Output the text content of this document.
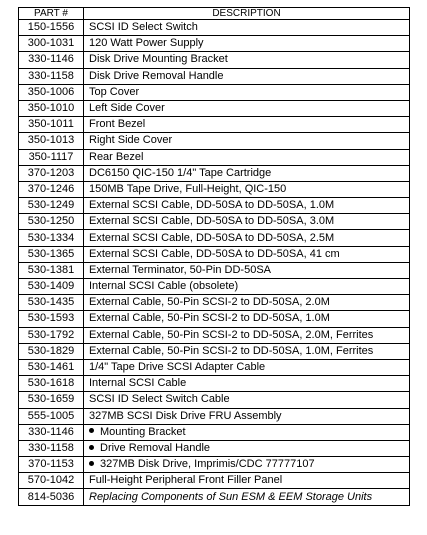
PART #	DESCRIPTION
150-1556	SCSI ID Select Switch
300-1031	120 Watt Power Supply
330-1146	Disk Drive Mounting Bracket
330-1158	Disk Drive Removal Handle
350-1006	Top Cover
350-1010	Left Side Cover
350-1011	Front Bezel
350-1013	Right Side Cover
350-1117	Rear Bezel
370-1203	DC6150 QIC-150 1/4" Tape Cartridge
370-1246	150MB Tape Drive, Full-Height, QIC-150
530-1249	External SCSI Cable, DD-50SA to DD-50SA, 1.0M
530-1250	External SCSI Cable, DD-50SA to DD-50SA, 3.0M
530-1334	External SCSI Cable, DD-50SA to DD-50SA, 2.5M
530-1365	External SCSI Cable, DD-50SA to DD-50SA, 41 cm
530-1381	External Terminator, 50-Pin DD-50SA
530-1409	Internal SCSI Cable (obsolete)
530-1435	External Cable, 50-Pin SCSI-2 to DD-50SA, 2.0M
530-1593	External Cable, 50-Pin SCSI-2 to DD-50SA, 1.0M
530-1792	External Cable, 50-Pin SCSI-2 to DD-50SA, 2.0M, Ferrites
530-1829	External Cable, 50-Pin SCSI-2 to DD-50SA, 1.0M, Ferrites
530-1461	1/4" Tape Drive SCSI Adapter Cable
530-1618	Internal SCSI Cable
530-1659	SCSI ID Select Switch Cable
555-1005	327MB SCSI Disk Drive FRU Assembly
330-1146	Mounting Bracket
330-1158	Drive Removal Handle
370-1153	327MB Disk Drive, Imprimis/CDC 77777107
570-1042	Full-Height Peripheral Front Filler Panel
814-5036	Replacing Components of Sun ESM & EEM Storage Units
